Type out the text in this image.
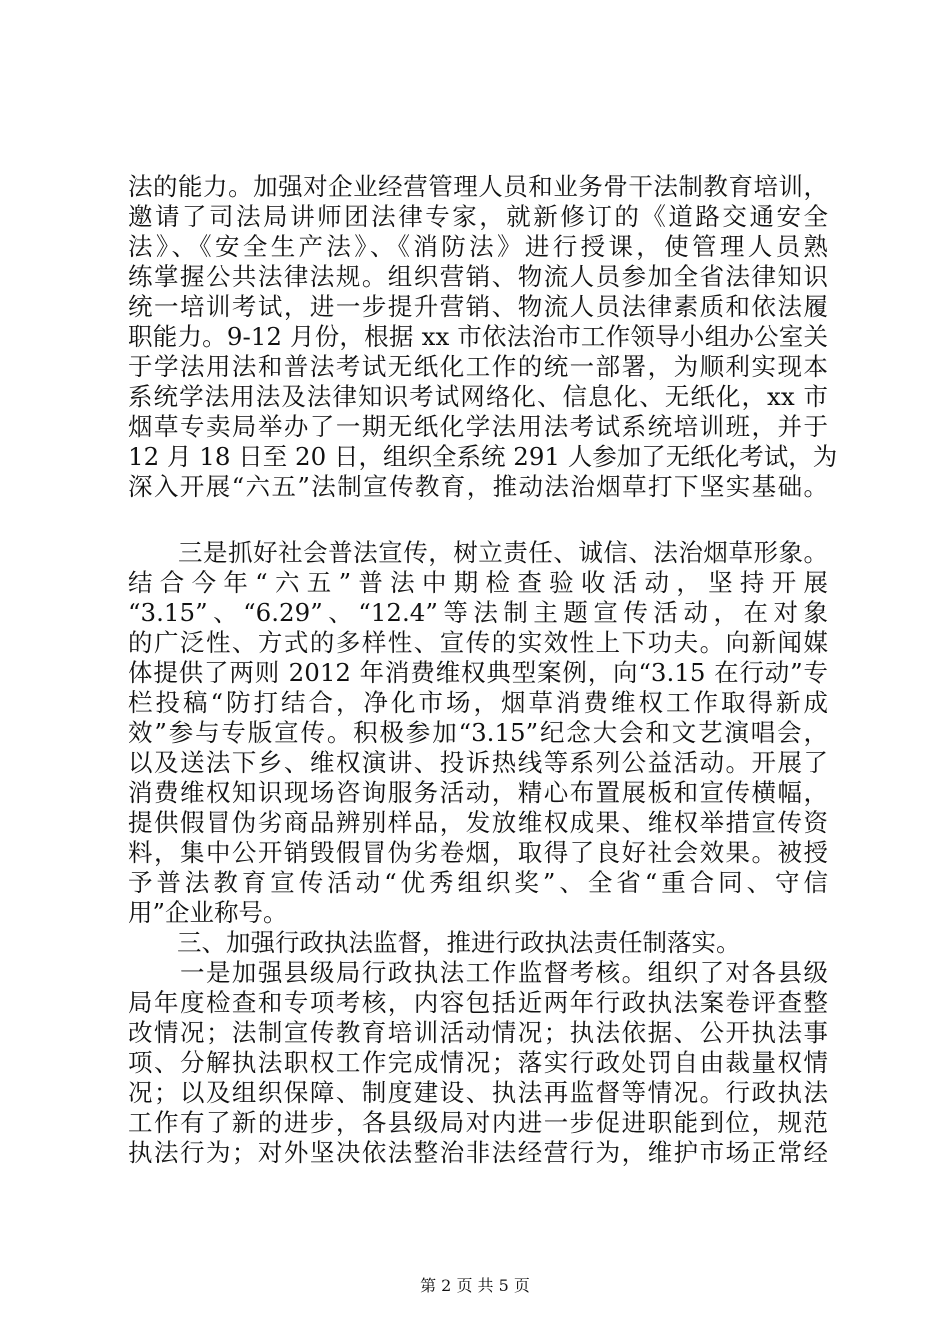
法的能力。加强对企业经营管理人员和业务骨干法制教育培训，
邀请了司法局讲师团法律专家，就新修订的《道路交通安全
法》、《安全生产法》、《消防法》进行授课，使管理人员熟
练掌握公共法律法规。组织营销、物流人员参加全省法律知识
统一培训考试，进一步提升营销、物流人员法律素质和依法履
职能力。9-12 月份，根据 xx 市依法治市工作领导小组办公室关
于学法用法和普法考试无纸化工作的统一部署，为顺利实现本
系统学法用法及法律知识考试网络化、信息化、无纸化，xx 市
烟草专卖局举办了一期无纸化学法用法考试系统培训班，并于
12 月 18 日至 20 日，组织全系统 291 人参加了无纸化考试，为
深入开展“六五”法制宣传教育，推动法治烟草打下坚实基础。
　　三是抓好社会普法宣传，树立责任、诚信、法治烟草形象。
结合今年“六五”普法中期检查验收活动，坚持开展
“3.15”、“6.29”、“12.4”等法制主题宣传活动，在对象
的广泛性、方式的多样性、宣传的实效性上下功夫。向新闻媒
体提供了两则 2012 年消费维权典型案例，向“3.15 在行动”专
栏投稿“防打结合，净化市场，烟草消费维权工作取得新成
效”参与专版宣传。积极参加“3.15”纪念大会和文艺演唱会，
以及送法下乡、维权演讲、投诉热线等系列公益活动。开展了
消费维权知识现场咨询服务活动，精心布置展板和宣传横幅，
提供假冒伪劣商品辨别样品，发放维权成果、维权举措宣传资
料，集中公开销毁假冒伪劣卷烟，取得了良好社会效果。被授
予普法教育宣传活动“优秀组织奖”、全省“重合同、守信
用”企业称号。
　　三、加强行政执法监督，推进行政执法责任制落实。
　　一是加强县级局行政执法工作监督考核。组织了对各县级
局年度检查和专项考核，内容包括近两年行政执法案卷评查整
改情况；法制宣传教育培训活动情况；执法依据、公开执法事
项、分解执法职权工作完成情况；落实行政处罚自由裁量权情
况；以及组织保障、制度建设、执法再监督等情况。行政执法
工作有了新的进步，各县级局对内进一步促进职能到位，规范
执法行为；对外坚决依法整治非法经营行为，维护市场正常经
第 2 页 共 5 页
